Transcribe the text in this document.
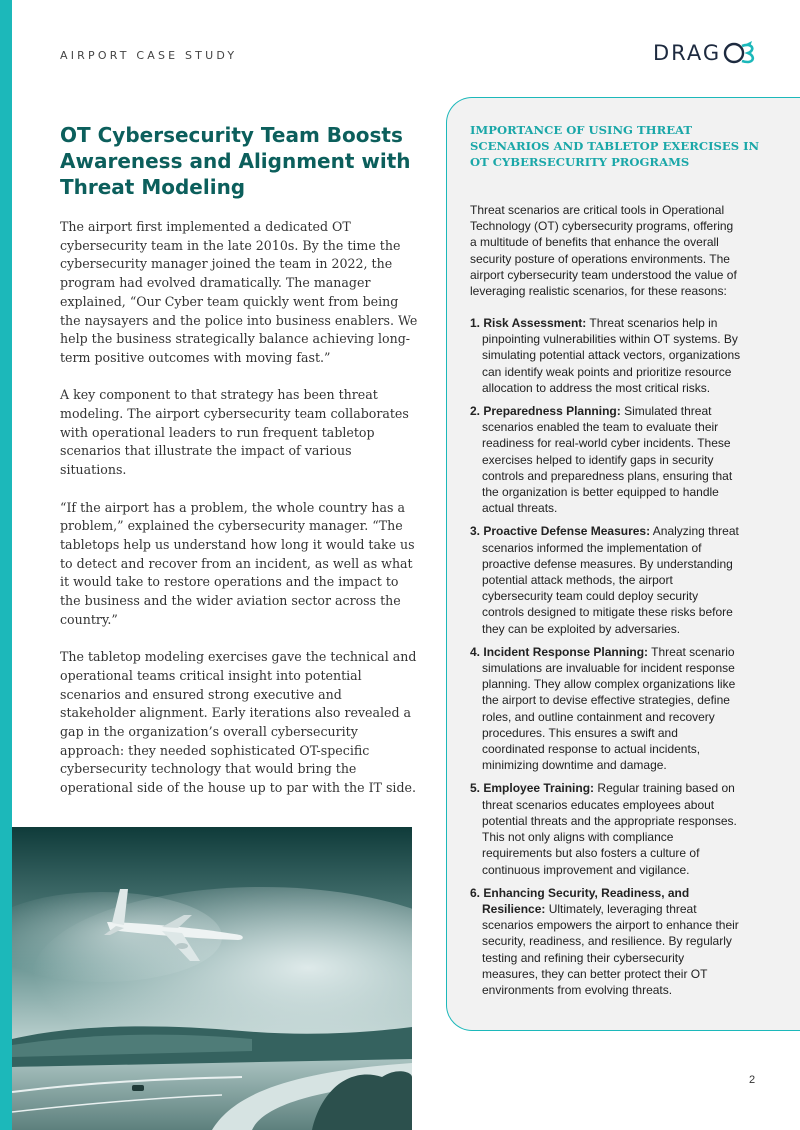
AIRPORT CASE STUDY	DRAG
OT Cybersecurity Team Boosts Awareness and Alignment with Threat Modeling

The airport first implemented a dedicated OT cybersecurity team in the late 2010s. By the time the cybersecurity manager joined the team in 2022, the program had evolved dramatically. The manager explained, “Our Cyber team quickly went from being the naysayers and the police into business enablers. We help the business strategically balance achieving long-term positive outcomes with moving fast.”

A key component to that strategy has been threat modeling. The airport cybersecurity team collaborates with operational leaders to run frequent tabletop scenarios that illustrate the impact of various situations.

“If the airport has a problem, the whole country has a problem,” explained the cybersecurity manager. “The tabletops help us understand how long it would take us to detect and recover from an incident, as well as what it would take to restore operations and the impact to the business and the wider aviation sector across the country.”

The tabletop modeling exercises gave the technical and operational teams critical insight into potential scenarios and ensured strong executive and stakeholder alignment. Early iterations also revealed a gap in the organization’s overall cybersecurity approach: they needed sophisticated OT-specific cybersecurity technology that would bring the operational side of the house up to par with the IT side.

IMPORTANCE OF USING THREAT SCENARIOS AND TABLETOP EXERCISES IN OT CYBERSECURITY PROGRAMS

Threat scenarios are critical tools in Operational Technology (OT) cybersecurity programs, offering a multitude of benefits that enhance the overall security posture of operations environments. The airport cybersecurity team understood the value of leveraging realistic scenarios, for these reasons:

1. Risk Assessment: Threat scenarios help in pinpointing vulnerabilities within OT systems. By simulating potential attack vectors, organizations can identify weak points and prioritize resource allocation to address the most critical risks.
2. Preparedness Planning: Simulated threat scenarios enabled the team to evaluate their readiness for real-world cyber incidents. These exercises helped to identify gaps in security controls and preparedness plans, ensuring that the organization is better equipped to handle actual threats.
3. Proactive Defense Measures: Analyzing threat scenarios informed the implementation of proactive defense measures. By understanding potential attack methods, the airport cybersecurity team could deploy security controls designed to mitigate these risks before they can be exploited by adversaries.
4. Incident Response Planning: Threat scenario simulations are invaluable for incident response planning. They allow complex organizations like the airport to devise effective strategies, define roles, and outline containment and recovery procedures. This ensures a swift and coordinated response to actual incidents, minimizing downtime and damage.
5. Employee Training: Regular training based on threat scenarios educates employees about potential threats and the appropriate responses. This not only aligns with compliance requirements but also fosters a culture of continuous improvement and vigilance.
6. Enhancing Security, Readiness, and Resilience: Ultimately, leveraging threat scenarios empowers the airport to enhance their security, readiness, and resilience. By regularly testing and refining their cybersecurity measures, they can better protect their OT environments from evolving threats.
2
